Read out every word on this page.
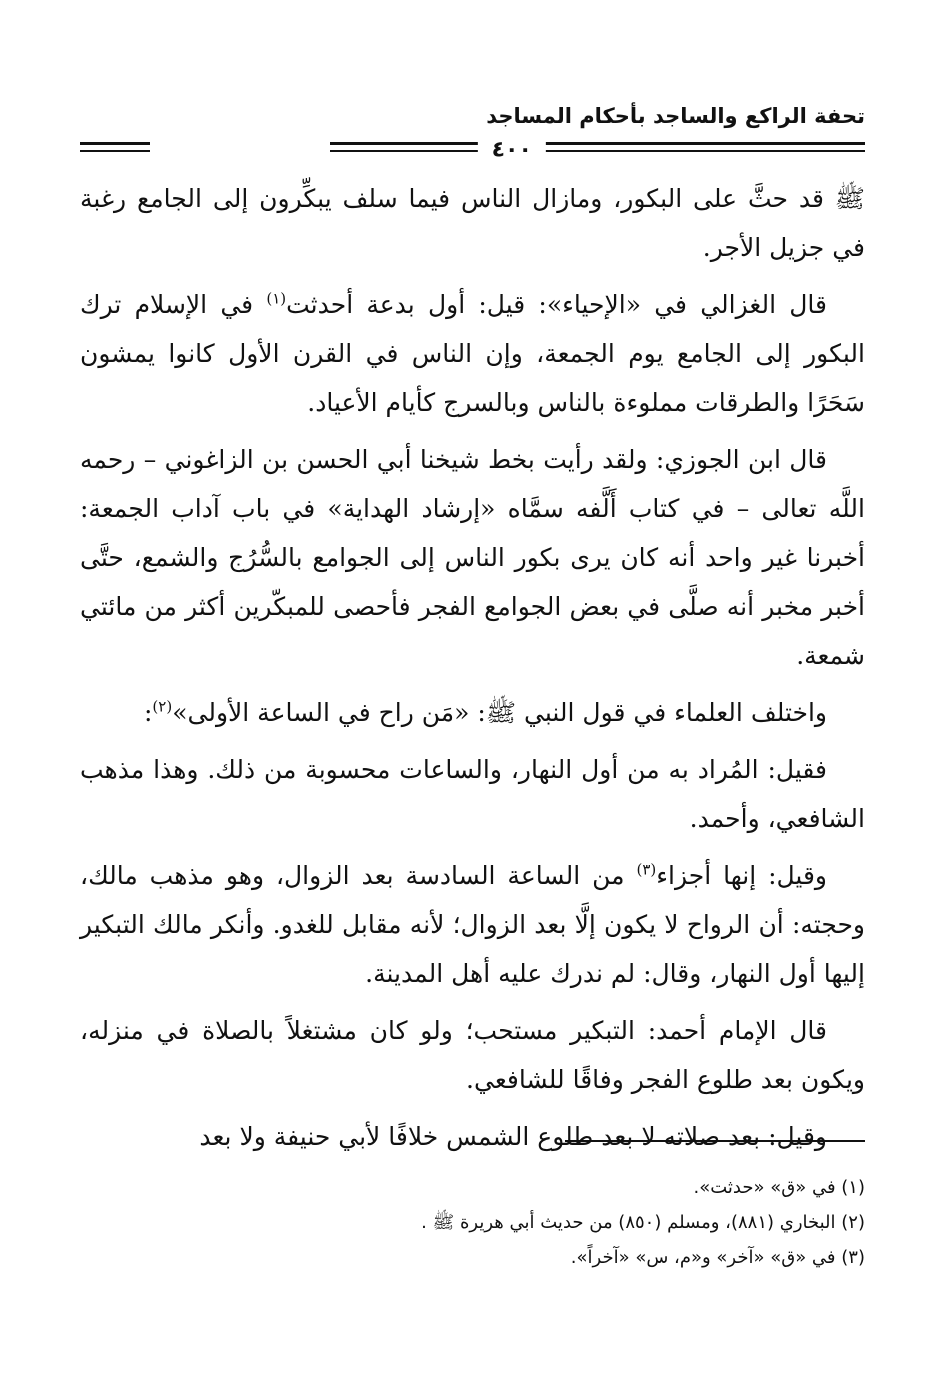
تحفة الراكع والساجد بأحكام المساجد
٤٠٠

ﷺ قد حثَّ على البكور، ومازال الناس فيما سلف يبكِّرون إلى الجامع رغبة في جزيل الأجر.

قال الغزالي في «الإحياء»: قيل: أول بدعة أحدثت$^{(١)}$ في الإسلام ترك البكور إلى الجامع يوم الجمعة، وإن الناس في القرن الأول كانوا يمشون سَحَرًا والطرقات مملوءة بالناس وبالسرج كأيام الأعياد.

قال ابن الجوزي: ولقد رأيت بخط شيخنا أبي الحسن بن الزاغوني – رحمه اللَّه تعالى – في كتاب أَلَّفه سمَّاه «إرشاد الهداية» في باب آداب الجمعة: أخبرنا غير واحد أنه كان يرى بكور الناس إلى الجوامع بالسُّرُج والشمع، حتَّى أخبر مخبر أنه صلَّى في بعض الجوامع الفجر فأحصى للمبكّرين أكثر من مائتي شمعة.

واختلف العلماء في قول النبي ﷺ: «مَن راح في الساعة الأولى»$^{(٢)}$:

فقيل: المُراد به من أول النهار، والساعات محسوبة من ذلك. وهذا مذهب الشافعي، وأحمد.

وقيل: إنها أجزاء$^{(٣)}$ من الساعة السادسة بعد الزوال، وهو مذهب مالك، وحجته: أن الرواح لا يكون إلَّا بعد الزوال؛ لأنه مقابل للغدو. وأنكر مالك التبكير إليها أول النهار، وقال: لم ندرك عليه أهل المدينة.

قال الإمام أحمد: التبكير مستحب؛ ولو كان مشتغلاً بالصلاة في منزله، ويكون بعد طلوع الفجر وفاقًا للشافعي.

وقيل: بعد صلاته لا بعد طلوع الشمس خلافًا لأبي حنيفة ولا بعد

(١) في «ق» «حدثت».
(٢) البخاري (٨٨١)، ومسلم (٨٥٠) من حديث أبي هريرة ﷺ .
(٣) في «ق» «آخر» و«م، س» «آخراً».
